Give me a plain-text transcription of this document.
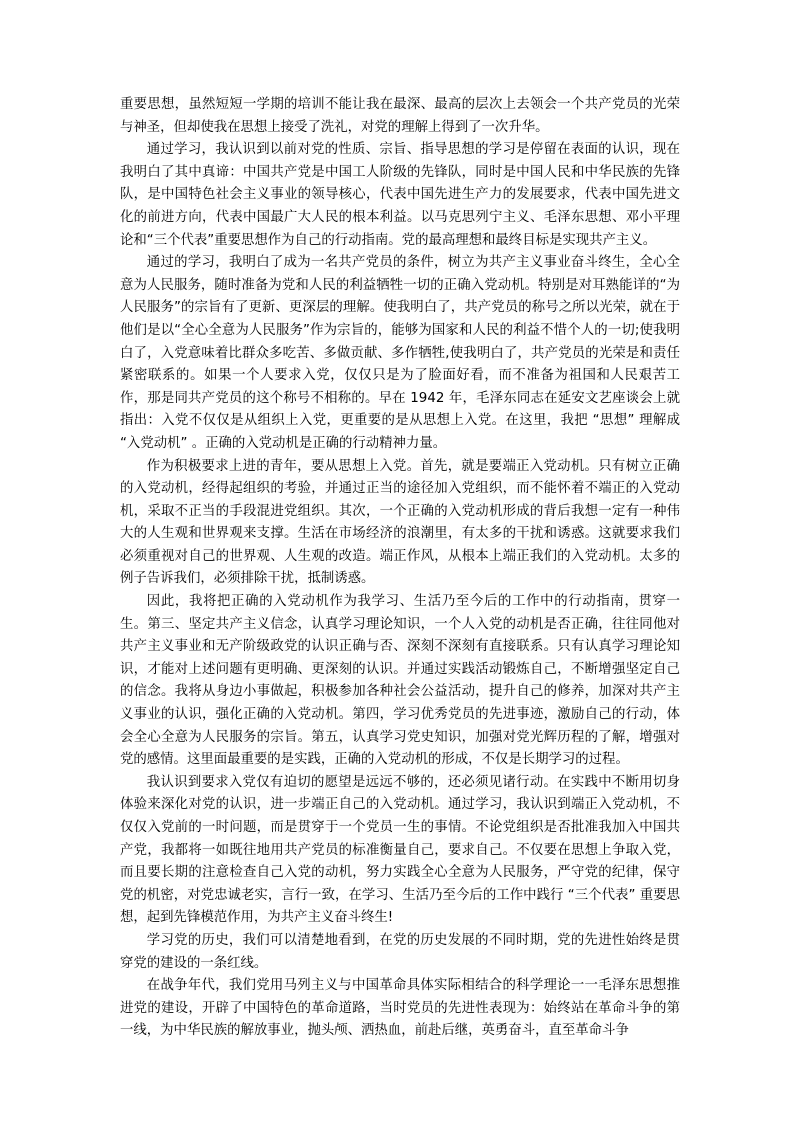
重要思想，虽然短短一学期的培训不能让我在最深、最高的层次上去领会一个共产党员的光荣与神圣，但却使我在思想上接受了洗礼，对党的理解上得到了一次升华。

通过学习，我认识到以前对党的性质、宗旨、指导思想的学习是停留在表面的认识，现在我明白了其中真谛：中国共产党是中国工人阶级的先锋队，同时是中国人民和中华民族的先锋队，是中国特色社会主义事业的领导核心，代表中国先进生产力的发展要求，代表中国先进文化的前进方向，代表中国最广大人民的根本利益。以马克思列宁主义、毛泽东思想、邓小平理论和“三个代表”重要思想作为自己的行动指南。党的最高理想和最终目标是实现共产主义。

通过的学习，我明白了成为一名共产党员的条件，树立为共产主义事业奋斗终生，全心全意为人民服务，随时准备为党和人民的利益牺牲一切的正确入党动机。特别是对耳熟能详的“为人民服务”的宗旨有了更新、更深层的理解。使我明白了，共产党员的称号之所以光荣，就在于他们是以“全心全意为人民服务”作为宗旨的，能够为国家和人民的利益不惜个人的一切;使我明白了，入党意味着比群众多吃苦、多做贡献、多作牺牲,使我明白了，共产党员的光荣是和责任紧密联系的。如果一个人要求入党，仅仅只是为了脸面好看，而不准备为祖国和人民艰苦工作，那是同共产党员的这个称号不相称的。早在 1942 年，毛泽东同志在延安文艺座谈会上就指出：入党不仅仅是从组织上入党，更重要的是从思想上入党。在这里，我把 “思想” 理解成 “入党动机” 。正确的入党动机是正确的行动精神力量。

作为积极要求上进的青年，要从思想上入党。首先，就是要端正入党动机。只有树立正确的入党动机，经得起组织的考验，并通过正当的途径加入党组织，而不能怀着不端正的入党动机，采取不正当的手段混进党组织。其次，一个正确的入党动机形成的背后我想一定有一种伟大的人生观和世界观来支撑。生活在市场经济的浪潮里，有太多的干扰和诱惑。这就要求我们必须重视对自己的世界观、人生观的改造。端正作风，从根本上端正我们的入党动机。太多的例子告诉我们，必须排除干扰，抵制诱惑。

因此，我将把正确的入党动机作为我学习、生活乃至今后的工作中的行动指南，贯穿一生。第三、坚定共产主义信念，认真学习理论知识，一个人入党的动机是否正确，往往同他对共产主义事业和无产阶级政党的认识正确与否、深刻不深刻有直接联系。只有认真学习理论知识，才能对上述问题有更明确、更深刻的认识。并通过实践活动锻炼自己，不断增强坚定自己的信念。我将从身边小事做起，积极参加各种社会公益活动，提升自己的修养，加深对共产主义事业的认识，强化正确的入党动机。第四，学习优秀党员的先进事迹，激励自己的行动，体会全心全意为人民服务的宗旨。第五，认真学习党史知识，加强对党光辉历程的了解，增强对党的感情。这里面最重要的是实践，正确的入党动机的形成，不仅是长期学习的过程。

我认识到要求入党仅有迫切的愿望是远远不够的，还必须见诸行动。在实践中不断用切身体验来深化对党的认识，进一步端正自己的入党动机。通过学习，我认识到端正入党动机，不仅仅入党前的一时问题，而是贯穿于一个党员一生的事情。不论党组织是否批准我加入中国共产党，我都将一如既往地用共产党员的标准衡量自己，要求自己。不仅要在思想上争取入党，而且要长期的注意检查自己入党的动机，努力实践全心全意为人民服务，严守党的纪律，保守党的机密，对党忠诚老实，言行一致，在学习、生活乃至今后的工作中践行 “三个代表” 重要思想，起到先锋模范作用，为共产主义奋斗终生!

学习党的历史，我们可以清楚地看到，在党的历史发展的不同时期，党的先进性始终是贯穿党的建设的一条红线。

在战争年代，我们党用马列主义与中国革命具体实际相结合的科学理论一一毛泽东思想推进党的建设，开辟了中国特色的革命道路，当时党员的先进性表现为：始终站在革命斗争的第一线，为中华民族的解放事业，抛头颅、洒热血，前赴后继，英勇奋斗，直至革命斗争
